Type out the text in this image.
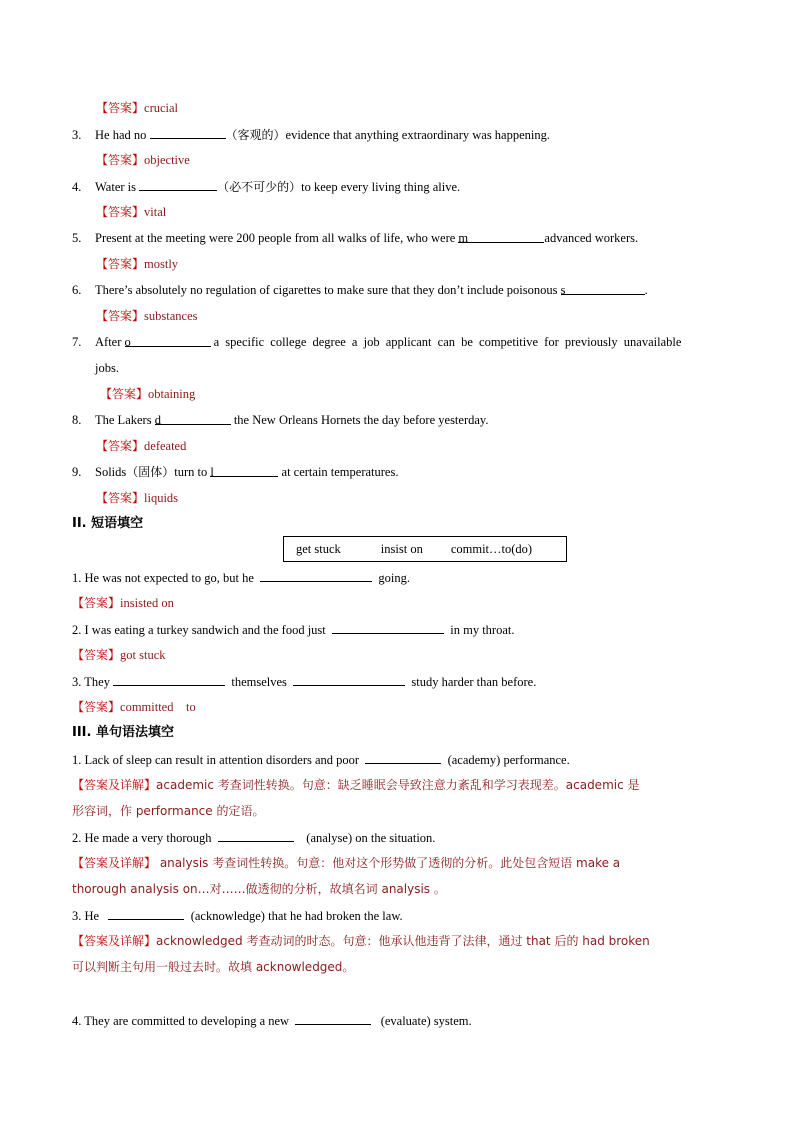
【答案】crucial
3. He had no	（客观的）evidence that anything extraordinary was happening.
【答案】objective
4. Water is	（必不可少的）to keep every living thing alive.
【答案】vital
5. Present at the meeting were 200 people from all walks of life, who were m	advanced workers.
【答案】mostly
6. There’s absolutely no regulation of cigarettes to make sure that they don’t include poisonous s	.
【答案】substances
7.	After
o
	a specific college degree a job applicant can be competitive for previously unavailable
jobs.
【答案】obtaining
8. The Lakers d	the New Orleans Hornets the day before yesterday.
【答案】defeated
9. Solids（固体）turn to l	at certain temperatures.
【答案】liquids
II. 短语填空
get stuck	insist on commit…to(do)
1. He was not expected to go, but he	going.
【答案】insisted on
2. I was eating a turkey sandwich and the food just	in my throat.
【答案】got stuck
3. They	themselves	study harder than before.
【答案】committed    to
III. 单句语法填空
1. Lack of sleep can result in attention disorders and poor	(academy) performance.
【答案及详解】academic 考查词性转换。句意：缺乏睡眠会导致注意力紊乱和学习表现差。academic 是
形容词，作 performance 的定语。
2. He made a very thorough	(analyse) on the situation.
【答案及详解】 analysis 考查词性转换。句意：他对这个形势做了透彻的分析。此处包含短语 make a
thorough analysis on…对……做透彻的分析，故填名词 analysis 。
3. He	(acknowledge) that he had broken the law.
【答案及详解】acknowledged 考查动词的时态。句意：他承认他违背了法律，通过 that 后的 had broken
可以判断主句用一般过去时。故填 acknowledged。
4. They are committed to developing a new	(evaluate) system.
